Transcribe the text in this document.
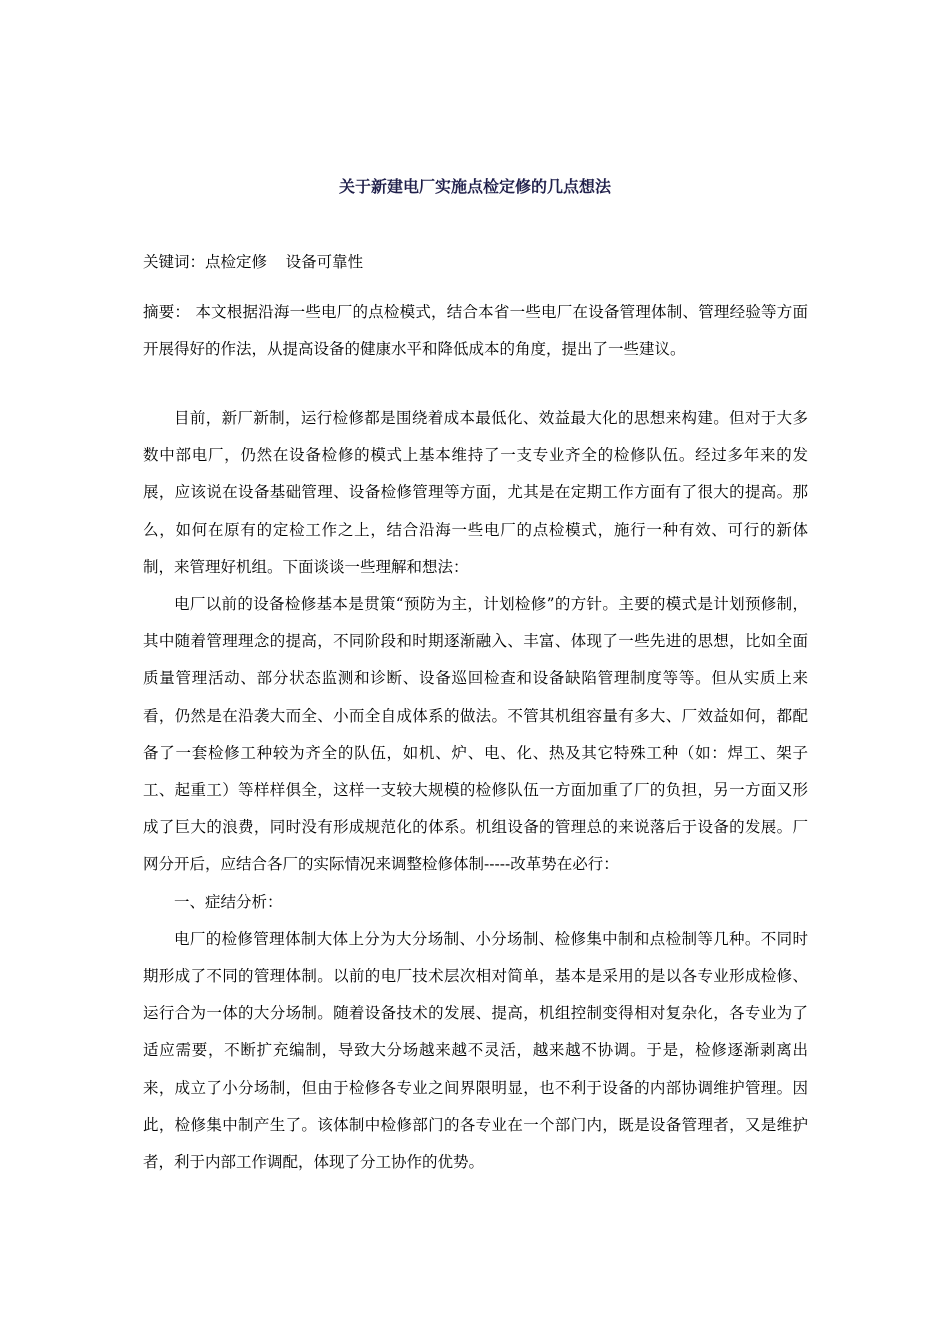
关于新建电厂实施点检定修的几点想法
关键词：点检定修 设备可靠性
摘要： 本文根据沿海一些电厂的点检模式，结合本省一些电厂在设备管理体制、管理经验等方面开展得好的作法，从提高设备的健康水平和降低成本的角度，提出了一些建议。

目前，新厂新制，运行检修都是围绕着成本最低化、效益最大化的思想来构建。但对于大多数中部电厂，仍然在设备检修的模式上基本维持了一支专业齐全的检修队伍。经过多年来的发展，应该说在设备基础管理、设备检修管理等方面，尤其是在定期工作方面有了很大的提高。那么，如何在原有的定检工作之上，结合沿海一些电厂的点检模式，施行一种有效、可行的新体制，来管理好机组。下面谈谈一些理解和想法：

电厂以前的设备检修基本是贯策“预防为主，计划检修”的方针。主要的模式是计划预修制，其中随着管理理念的提高，不同阶段和时期逐渐融入、丰富、体现了一些先进的思想，比如全面质量管理活动、部分状态监测和诊断、设备巡回检查和设备缺陷管理制度等等。但从实质上来看，仍然是在沿袭大而全、小而全自成体系的做法。不管其机组容量有多大、厂效益如何，都配备了一套检修工种较为齐全的队伍，如机、炉、电、化、热及其它特殊工种（如：焊工、架子工、起重工）等样样俱全，这样一支较大规模的检修队伍一方面加重了厂的负担，另一方面又形成了巨大的浪费，同时没有形成规范化的体系。机组设备的管理总的来说落后于设备的发展。厂网分开后，应结合各厂的实际情况来调整检修体制-----改革势在必行：

一、症结分析：

电厂的检修管理体制大体上分为大分场制、小分场制、检修集中制和点检制等几种。不同时期形成了不同的管理体制。以前的电厂技术层次相对简单，基本是采用的是以各专业形成检修、运行合为一体的大分场制。随着设备技术的发展、提高，机组控制变得相对复杂化，各专业为了适应需要，不断扩充编制，导致大分场越来越不灵活，越来越不协调。于是，检修逐渐剥离出来，成立了小分场制，但由于检修各专业之间界限明显，也不利于设备的内部协调维护管理。因此，检修集中制产生了。该体制中检修部门的各专业在一个部门内，既是设备管理者，又是维护者，利于内部工作调配，体现了分工协作的优势。
